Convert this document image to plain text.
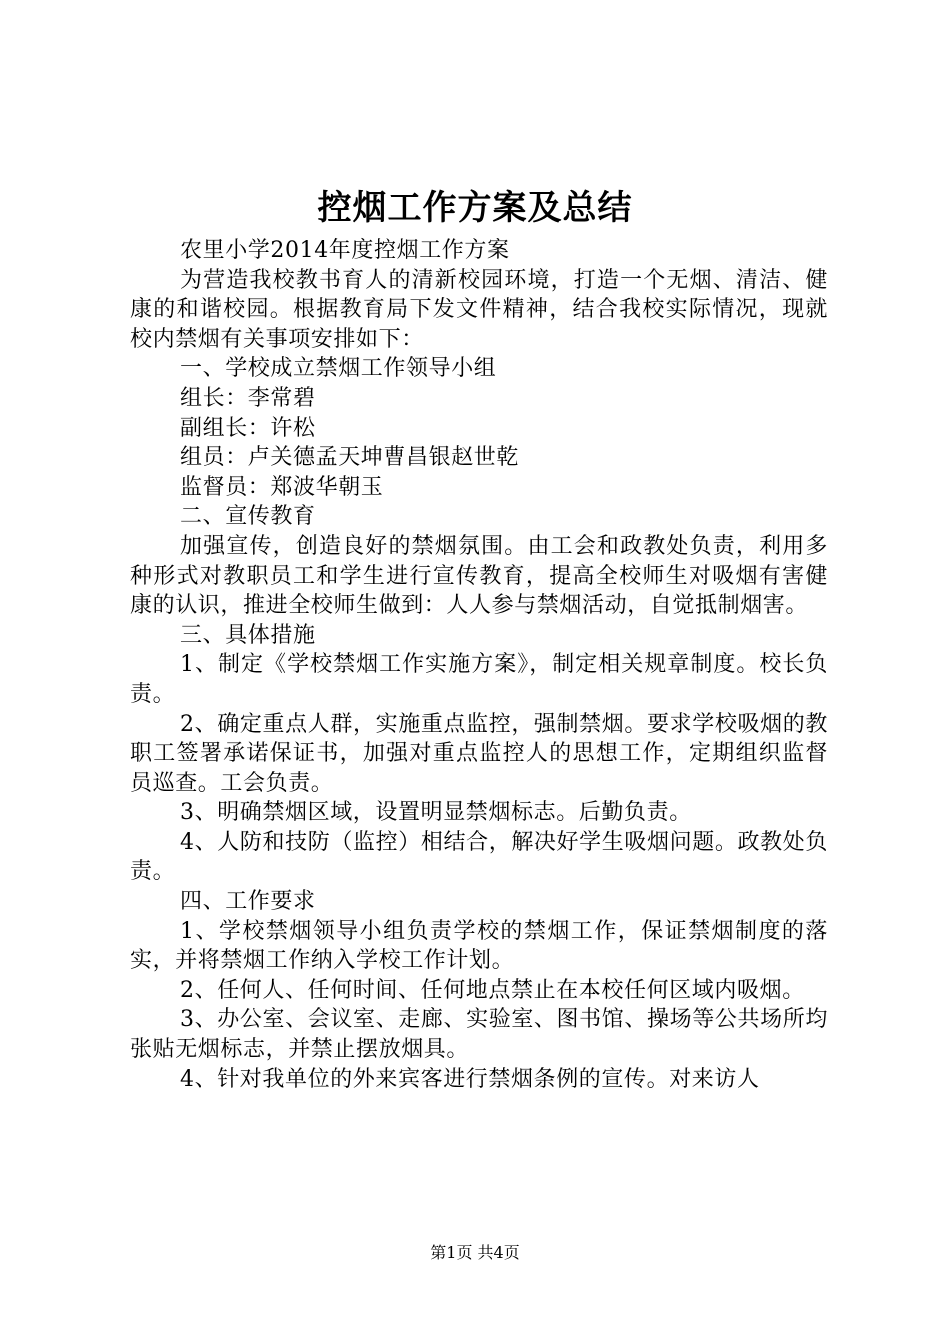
控烟工作方案及总结

农里小学2014年度控烟工作方案

为营造我校教书育人的清新校园环境，打造一个无烟、清洁、健康的和谐校园。根据教育局下发文件精神，结合我校实际情况，现就校内禁烟有关事项安排如下：

一、学校成立禁烟工作领导小组

组长：李常碧

副组长：许松

组员：卢关德孟天坤曹昌银赵世乾

监督员：郑波华朝玉

二、宣传教育

加强宣传，创造良好的禁烟氛围。由工会和政教处负责，利用多种形式对教职员工和学生进行宣传教育，提高全校师生对吸烟有害健康的认识，推进全校师生做到：人人参与禁烟活动，自觉抵制烟害。

三、具体措施

1、制定《学校禁烟工作实施方案》，制定相关规章制度。校长负责。

2、确定重点人群，实施重点监控，强制禁烟。要求学校吸烟的教职工签署承诺保证书，加强对重点监控人的思想工作，定期组织监督员巡查。工会负责。

3、明确禁烟区域，设置明显禁烟标志。后勤负责。

4、人防和技防（监控）相结合，解决好学生吸烟问题。政教处负责。

四、工作要求

1、学校禁烟领导小组负责学校的禁烟工作，保证禁烟制度的落实，并将禁烟工作纳入学校工作计划。

2、任何人、任何时间、任何地点禁止在本校任何区域内吸烟。

3、办公室、会议室、走廊、实验室、图书馆、操场等公共场所均张贴无烟标志，并禁止摆放烟具。

4、针对我单位的外来宾客进行禁烟条例的宣传。对来访人

第1页 共4页
